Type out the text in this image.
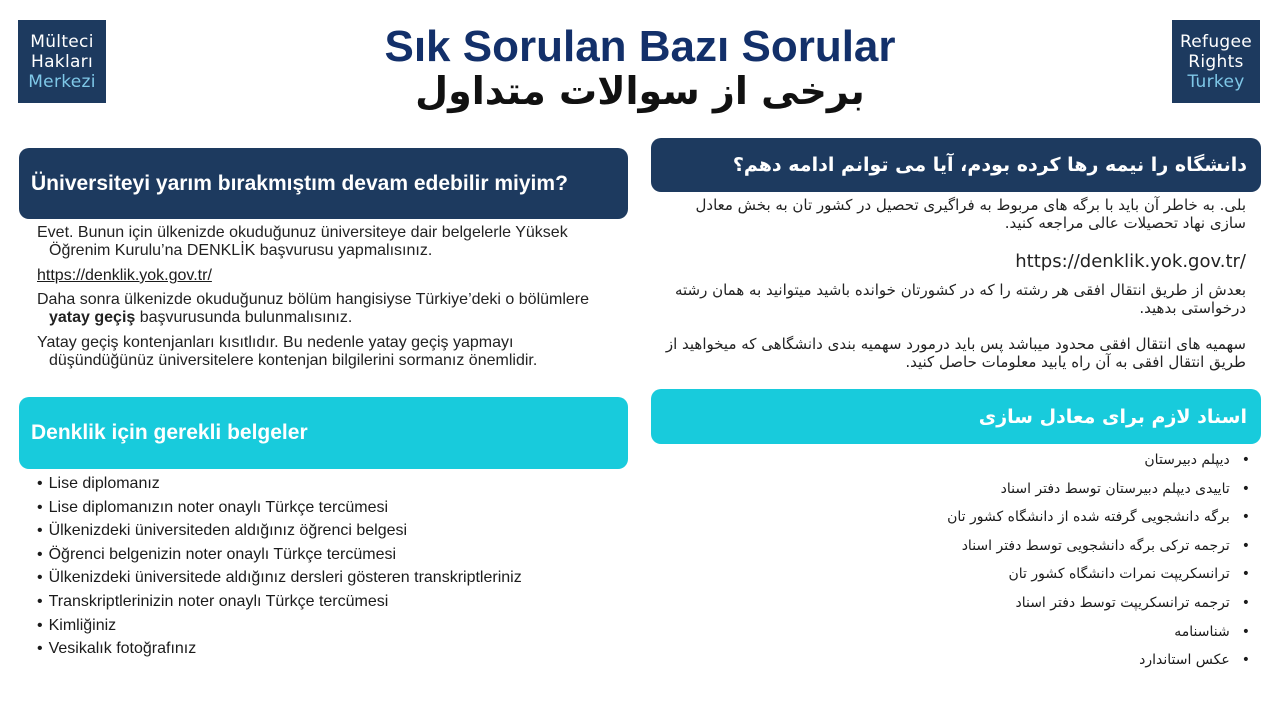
Mülteci
Hakları
Merkezi
Refugee
Rights
Turkey
Sık Sorulan Bazı Sorular
برخی از سوالات متداول
Üniversiteyi yarım bırakmıştım devam edebilir miyim?
Evet. Bunun için ülkenizde okuduğunuz üniversiteye dair belgelerle Yüksek Öğrenim Kurulu’na DENKLİK başvurusu yapmalısınız.
https://denklik.yok.gov.tr/
Daha sonra ülkenizde okuduğunuz bölüm hangisiyse Türkiye’deki o bölümlere yatay geçiş başvurusunda bulunmalısınız.
Yatay geçiş kontenjanları kısıtlıdır. Bu nedenle yatay geçiş yapmayı düşündüğünüz üniversitelere kontenjan bilgilerini sormanız önemlidir.
Denklik için gerekli belgeler
• Lise diplomanız
• Lise diplomanızın noter onaylı Türkçe tercümesi
• Ülkenizdeki üniversiteden aldığınız öğrenci belgesi
• Öğrenci belgenizin noter onaylı Türkçe tercümesi
• Ülkenizdeki üniversitede aldığınız dersleri gösteren transkriptleriniz
• Transkriptlerinizin noter onaylı Türkçe tercümesi
• Kimliğiniz
• Vesikalık fotoğrafınız
دانشگاه را نیمه رها کرده بودم، آیا می توانم ادامه دهم؟
بلی. به خاطر آن باید با برگه های مربوط به فراگیری تحصیل در کشور تان به بخش معادل سازی نهاد تحصیلات عالی مراجعه کنید.
https://denklik.yok.gov.tr/
بعدش از طریق انتقال افقی هر رشته را که در کشورتان خوانده باشید میتوانید به همان رشته درخواستی بدهید.
سهمیه های انتقال افقی محدود میباشد پس باید درمورد سهمیه بندی دانشگاهی که میخواهید از طریق انتقال افقی به آن راه یابید معلومات حاصل کنید.
اسناد لازم برای معادل سازی
• دیپلم دبیرستان
• تاییدی دیپلم دبیرستان توسط دفتر اسناد
• برگه دانشجویی گرفته شده از دانشگاه کشور تان
• ترجمه ترکی برگه دانشجویی توسط دفتر اسناد
• ترانسکریپت نمرات دانشگاه کشور تان
• ترجمه ترانسکریپت توسط دفتر اسناد
• شناسنامه
• عکس استاندارد
